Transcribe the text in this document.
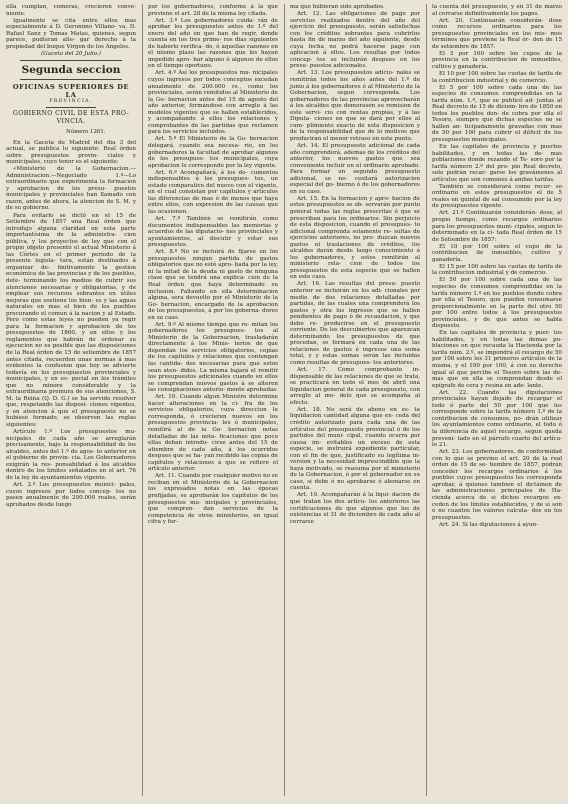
ella cumplan, comeras, crecieren conve- niente.

Igualmente se cita entre ellos mas especialmente á D. Geronimo Villano- va, D. Rafael Sanz y Tomas Matas, quienes, segun parece, pudieran alle- gar derecho á la propiedad del buque Virgen de los Angeles.

(Gaceta del 20 Julio.)

Segunda seccion
OFICINAS SUPERIORES DE LA
PROVINCIA.
GOBIERNO CIVIL DE ESTA PRO- VINCIA.
Número 1261.

En la Gaceta de Madrid del dia 3 del actual, se publica lo siguiente: Real órden sobre presupuestos provin- ciales y municipales, cuyo tenor es el siguiente:

«Ministerio de la Gobernacion.— Administracion.—Negociado 1.º—Lo extraordinario que experimenta la formacion y aprobacion de los presu- puestos municipales y provinciales han llamado con razon, antes de ahora, la atencion de S. M. y de su gobierno.

Para evitarlo se dictó en el 15 de Setiembre de 1857 una Real órden que introdujo alguna claridad en esta parte importantísima de la administra- cion pública, y los proyectos de ley que con el propio objeto presentó el actual Ministerio á las Córtes en el primer periodo de la presente legisla- tura, están destinados á organizar de- finitivamente la gestion económica de las provincias y de los pueblos, dete- terminando los medios de cubrir sus atenciones necesarias y obligatorias, y de emplear sus recursos sobrantes en útiles mejoras que sostiene los bien- es y las aguas naturales en mas el bien de los pueblos procurando el comun á la nacion y al Estado. Pero como estas leyes no pueden ya regir para la formacion y aprobacion de los presupuestos de 1860, y en ellos y los reglamentos que habrán de ordenar su ejecucion no es posible que las disposiciones de la Real órden de 15 de setiembre de 1857 antes citada, recuerden unas normas á mas evidentes la confusion que hoy se advierte todavía en los presupuestos provinciales y municipales, y en es- pecial en los trámites que no minore considerable y la extraordinaria premura de sus atenciones, S. M. la Reina (Q. D. G.) se ha servido resolver que, respetando las disposi- ciones vigentes, y en atencion á que el presupuesto no se hubiese formado, se observen las reglas siguientes:

Artículo 1.º Los presupuestos mu- nicipales de cada año se arreglarán precisamente, bajo la responsabilidad de los alcaldes, antes del 1.º de agos- to anterior en el gobierno de provin- cia. Los Gobernadores exigirán la res- ponsabilidad á los alcaldes dentro de los limites señalados en el art. 76 de la ley de ayuntamientos vigente.

Art. 2.º Los presupuestos munici- pales, cuyos ingresos por todos concep- tos no pasen anualmente de 200.000 reales, serán aprobados desde luego

por los gobernadores, conforme á la que previene el art. 28 de la misma ley citada.

Art. 3.º Los gobernadores cuida- rán de aprobar los presupuestos antes de 1.º del enero del año en que han de regir, donde cuenta en los tres prime- ros dias siguientes de haberlo verifica- do, ó aquellas razones en el mismo plazo las razones que les hayan impedido apro- bar alguno ó algunos de ellos en el tiempo oportuno.

Art. 4.º Así los presupuestos mu- nicipales cuyos ingresos por todos conceptos excedan anualmente de 200.000 rs., como los provinciales, serán remitidos al Ministerio de la Go- bernacion antes del 15 de agosto del año anterior, formándose con arreglo á las modelos vigentes que se hallen establecidos, y acompañando á ellos los relaciones y comprobantes de las partidas que reclamen para los servicios incluidos.

Art. 5.º El Ministerio de la Go- bernacion delegará, cuando sea necesa- rio, en los gobernadores la facultad de aprobar algunos de los presupues- tos municipales, cuya aprobacion le corresponde por la ley vigente.

Art. 6.º Acompañará, á los do- cumentos indispensables á los presupues- tos, un estado comparativo del nuevo con el vigente, en el cual consistan por capítulos y artículos las diferencias de mas ó de menos que haya entre ellos, con expresion de las causas que las ocasionen.

Art. 7.º También se remitirán como documentos indispensables las memorias y acuerdos de las diputacio- nes provinciales y ayuntamientos, al discutir y votar sus presupuestos.

Art. 8.º No se incluirá de fijarse en los presupuestos ningun partida de gastos obligatorios que no esté apro- bada por la ley, ni la mitad de la deuda ni gasto de ninguna clase que se tendrá una explica- cion de la Real órden que haya determinado su inclusion. Faltando en ella determinacion alguna, sera devuelto por el Ministerio de la Go- bernacion, encargado de la aprobacion de los presupuestos, á por los goberna- dores en su caso.

Art. 9.º Al mismo tiempo que re- mitan los gobernadores los presupues- tos al Ministerio de la Gobernacion, trasladarán directamente á los Minis- terios de que dependan los servicios obligatorios, copias de los capítulos y relaciones que contengan las cantida- des necesarias para que estos sean aten- didos. La misma bajará el remitir los presupuestos adicionales cuando en ellos se comprendan nuevos gastos á se alteren las consignaciones anterio- mente aprobadas.

Art. 10. Cuando algun Ministro determine hacer alteraciones en la ci- fra de los servicios obligatorios, cuya direccion le corresponda, ó crecieren nuevos en los presupuestos provincia- les ó municipales, remitirá al de la Go- bernacion notas detalladas de las nota- ficaciones que poco ellas deban introdu- cirse antes del 15 de atiembre de cada año, á los ocurridos despues que se ha- yan recibido las copias de capítulos y relaciones á que se refiere el artículo anterior.

Art. 11. Cuando por cualquier motivo no se reciban en el Ministerio de la Gobernacion los expresados notas en las épocas prefijadas, se aprobarán los capítulos de los presupuestos mu- nicipales y provinciales, que compren- dan servicios de la competencia de otros ministerios, en igual cifra y for-

ma que hubieran sido aprobados.

Art. 12. Las obligaciones de pago por servicios realizados dentro del año del ejercicio del presupuesto, serán satisfechas con los créditos sobrantes para cubrirlos hasta fin de marzo del año siguiente, desde cuya fecha no podrá hacerse pago con aplicacion á ellos. Los resultas por todos concep- tos se incluirán despues en los presu- puestos adicionales.

Art. 13. Los presupuestos adicio- nales se remitirán todos los años antes del 1.º de junio á los gobernadores ó al Ministerio de la Gobernacion, segun corresponda. Los gobernadores de las provincias aprovecharán á los alcaldes que demorasen su remision de este servi- cio con rentas propias, y á las Diputa- ciones en que se dará por ellos al cum- plimiento exacto de esta disposicion y de la responsabilidad que de lo motivos que produciran el menor retraso en este punto.

Art. 14. El presupuesto adicional de cada año comprenderá, ademas de los créditos del anterior, los nuevos gastos que sea conveniente incluir en el ordinario aprobado. Para formar un segundo presupuesto adicional, se ne- cesitará autorizacion especial del go- bierno ó de los gobernadores en su caso.

Art. 15. En la formacion y apro- bacion de estos presupuestos se ob- servarán por punto general todas las reglas prescritas ó que se prescriban para los ordinarios. Sin perjuicio de esta disposicion, cuando el presupues- to adicional comprenda solamente re- sultas de ejercicios anteriores, no pro- duzcan nuevos gastos ni traslaciones de créditos, los alcaldes darán desde luego conocimiento á los gobernadores, y estos remitirán al ministerio rela- cion de todos los presupuestos de esta especie que se hallen en este caso.

Art. 16. Las resultas del presu- puesto anterior se incluirán en los adi- cionales por medio de dos relaciones detalladas por partidas, de las cuales una comprenderá los gastos y otra los ingresos que se hallen pendientes de pago ó de recaudacion, y que debe re- producirse en el presupuesto corriente. De los descubiertos que aparezcan determinando los presupuestos de que procedan, se formará en cada una de las relaciones de gastos é ingresos una suma total, y y estas sumas serán las incluidas como resultas de presupues- tos anteriores.

Art. 17. Como comprobante in- dispensable de las relaciones de que se trata, se practicará en todo el mes de abril una liquidacion general de cada presupuesto, con arreglo al mo- delo que se acompaña al efecto.

Art. 18. No será de abono en es- ta liquidacion cantidad alguna que ex- ceda del crédito autorizado para cada una de las artículos del presupuesto provincial ó de los partidos del muni- cipal, cuando ocurra por causa im- evitables un exceso de esta especie, se instruirá expediente particular, con el fin de que, justificado su legítima in- version y la necesidad imprescindible que la haya motivado, se reasuma por el ministerio de la Gobernacion, ó por el gobernador en su caso, si debe ó no aprobarse ó abonarse en cuenta.

Art. 19. Acompañarán á la liqui- dacion de que tratan los dos artícu- los anteriores las certificaciones de que algunos que los de existencias el 31 de diciembre de cada año al cerrarse

la cuenta del presupuesto, y en 31 de marzo al cerrarse definitivamente los pagos.

Art. 20. Continuarán considerán- dose como recursos ordinarios para los presupuestos provinciales en los mis- mos términos que previene la Real ór- den de 15 de setiembre de 1857.

El 5 por 100 sobre los cupos de la provincia en la contribucion de inmuebles, cultivo y ganadería.

El 10 por 100 sobre las cuotas de tarifa de la contribucion industrial y de comercio.

El 5 por 100 sobre cada una de las especies de consumos comprendidas en la tarifa núm. 1.º, que se publicó ad- juntas al Real decreto de 15 de diciem- bre de 1850 en todos los pueblos don- de cobra por ella el Tesoro, siempre que dichas especies no se hallen an- ticipadamente gravadas con mas de 50 por 100 para cubrir el déficit de los presupuestos municipales.

En las capitales de provincia y puertos habilitados, y en todas las de- mas poblaciones donde rezando el Te- soro por la tarifa número 2.º del pro- pio Real decreto, solo podrán recar- garse los gravámenes al artículos que son comunes á ambas tarifas.

También se considerará como recur- so ordinario en estos presupuestos el de 5 reales en quintal de sal consumido por la ley de presupuestos vigente.

Art. 21.º Continuarán considerán- dose, al propio tiempo, como recargos ordinarios para los presupuestos muni- cipales, segun lo determinado en la ci- tada Real órden de 15 de Setiembre de 1857:

El 10 por 100 sobre el cupo de la contribucion de inmuebles, cultivo y ganadería.

El 15 por 100 sobre las cuotas de tarifa de la contribucion industrial y de comercio.

El 50 por 100 sobre cada una de las especies de consumos comprendidas en la tarifa número 1.º en los pueblos donde cobra por ella el Tesoro, que pueden consumarse proporcionalmente en la parte del otro 50 por 100 entre todos á los presupuestos provinciales, y de que antes se habla dispuesto.

En las capitales de provincia y puer- tos habilitados, y en todas las demas po- blaciones en que recauda la Hacienda por la tarifa núm. 2.º, se impondrá el recargo de 50 por 100 sobre los 31 primeros artículos de la misma, y el 100 por 100, á con su derecho igual al que percibe el Tesoro sobre las de- mas que en ella se comprendan desde el epígrafe de cera y resina en ade- lante.

Art. 22. Cuando las diputaciones provinciales hayan dejado de recargar el todo ó parte del 50 por 100 que les corresponde sobre la tarifa número 1.º de la contribucion de consumos, po- drán utilizar los ayuntamientos como ordinario, el todo ó la diferencia de aquel recargo, segun queda preveni- tado en el párrafo cuarto del artícu- lo 21.

Art. 23. Los gobernadores, de conformidad con lo que se previno el art. 20 de la real órden de 15 de se- tiembre de 1857, podrán conceder los recargos ordinarios á los pueblos cuyos presupuestos les corresponda aprobar, á quienes tambien el dictámen de las administraciones principales de Ha- cienda acerca de si dichos recargos ex- ceden de los límites establecidos, y de si son ó no cuantos los valores calcula- dos en los presupuestos.

Art. 24. Si las diputaciones á ayun-
